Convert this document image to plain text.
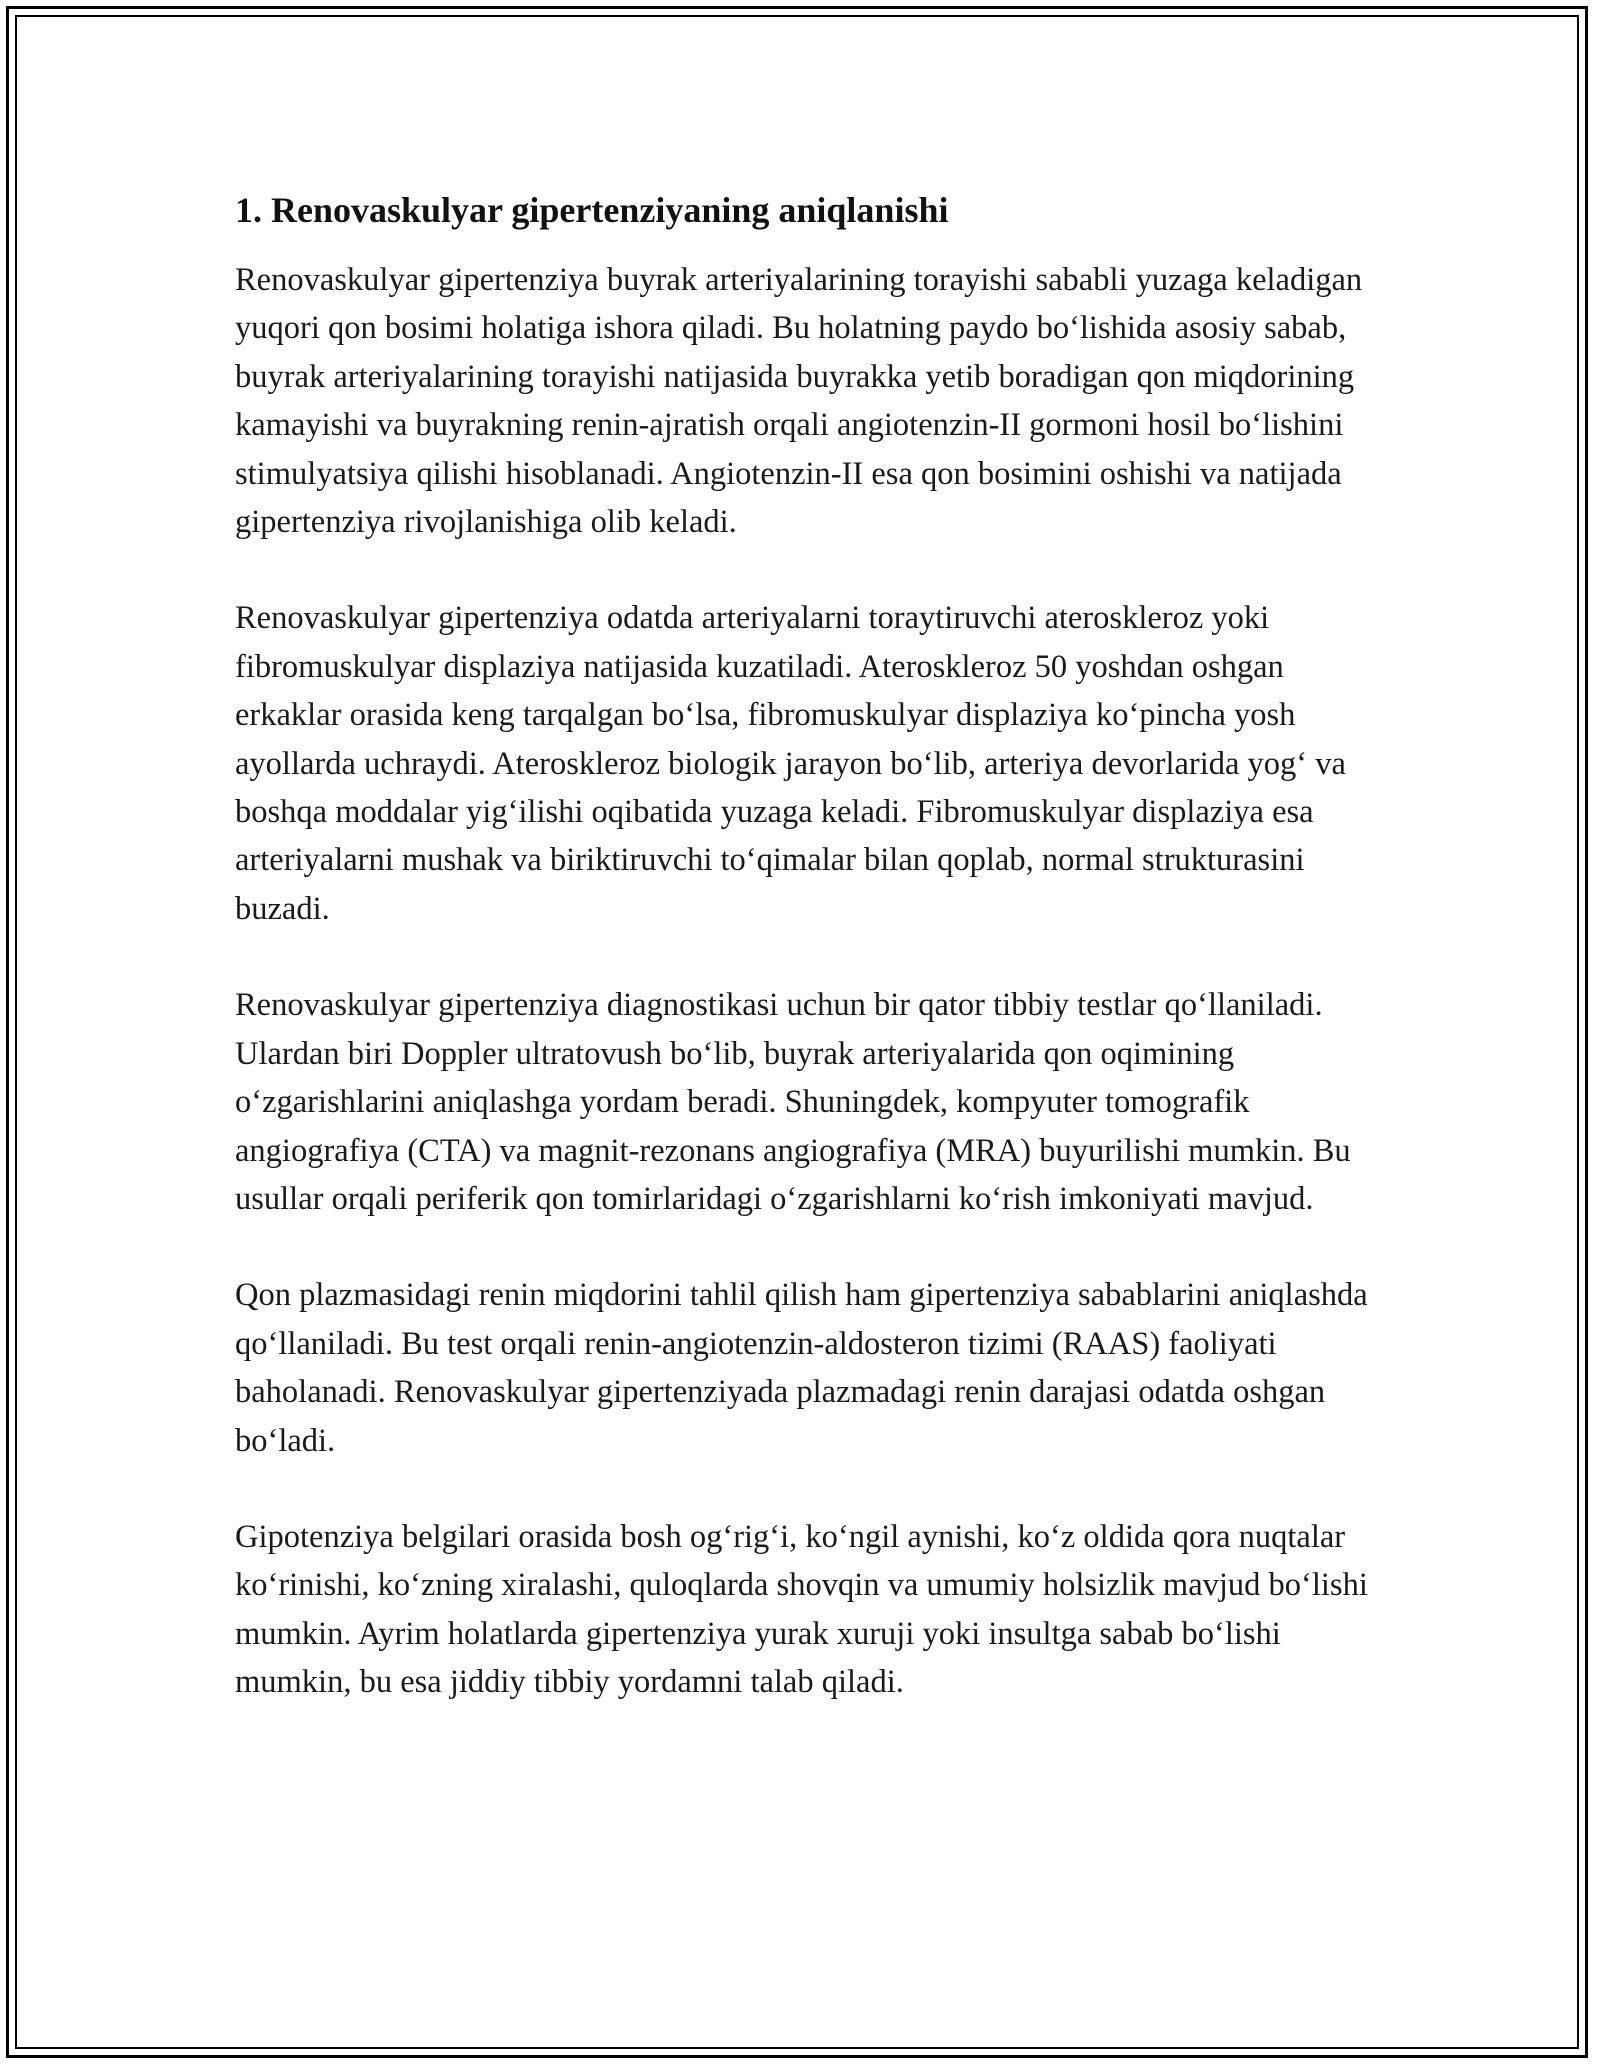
1. Renovaskulyar gipertenziyaning aniqlanishi

Renovaskulyar gipertenziya buyrak arteriyalarining torayishi sababli yuzaga keladigan yuqori qon bosimi holatiga ishora qiladi. Bu holatning paydo boʻlishida asosiy sabab, buyrak arteriyalarining torayishi natijasida buyrakka yetib boradigan qon miqdorining kamayishi va buyrakning renin-ajratish orqali angiotenzin-II gormoni hosil boʻlishini stimulyatsiya qilishi hisoblanadi. Angiotenzin-II esa qon bosimini oshishi va natijada gipertenziya rivojlanishiga olib keladi.

Renovaskulyar gipertenziya odatda arteriyalarni toraytiruvchi ateroskleroz yoki fibromuskulyar displaziya natijasida kuzatiladi. Ateroskleroz 50 yoshdan oshgan erkaklar orasida keng tarqalgan boʻlsa, fibromuskulyar displaziya koʻpincha yosh ayollarda uchraydi. Ateroskleroz biologik jarayon boʻlib, arteriya devorlarida yogʻ va boshqa moddalar yigʻilishi oqibatida yuzaga keladi. Fibromuskulyar displaziya esa arteriyalarni mushak va biriktiruvchi toʻqimalar bilan qoplab, normal strukturasini buzadi.

Renovaskulyar gipertenziya diagnostikasi uchun bir qator tibbiy testlar qoʻllaniladi. Ulardan biri Doppler ultratovush boʻlib, buyrak arteriyalarida qon oqimining oʻzgarishlarini aniqlashga yordam beradi. Shuningdek, kompyuter tomografik angiografiya (CTA) va magnit-rezonans angiografiya (MRA) buyurilishi mumkin. Bu usullar orqali periferik qon tomirlaridagi oʻzgarishlarni koʻrish imkoniyati mavjud.

Qon plazmasidagi renin miqdorini tahlil qilish ham gipertenziya sabablarini aniqlashda qoʻllaniladi. Bu test orqali renin-angiotenzin-aldosteron tizimi (RAAS) faoliyati baholanadi. Renovaskulyar gipertenziyada plazmadagi renin darajasi odatda oshgan boʻladi.

Gipotenziya belgilari orasida bosh ogʻrigʻi, koʻngil aynishi, koʻz oldida qora nuqtalar koʻrinishi, koʻzning xiralashi, quloqlarda shovqin va umumiy holsizlik mavjud boʻlishi mumkin. Ayrim holatlarda gipertenziya yurak xuruji yoki insultga sabab boʻlishi mumkin, bu esa jiddiy tibbiy yordamni talab qiladi.
